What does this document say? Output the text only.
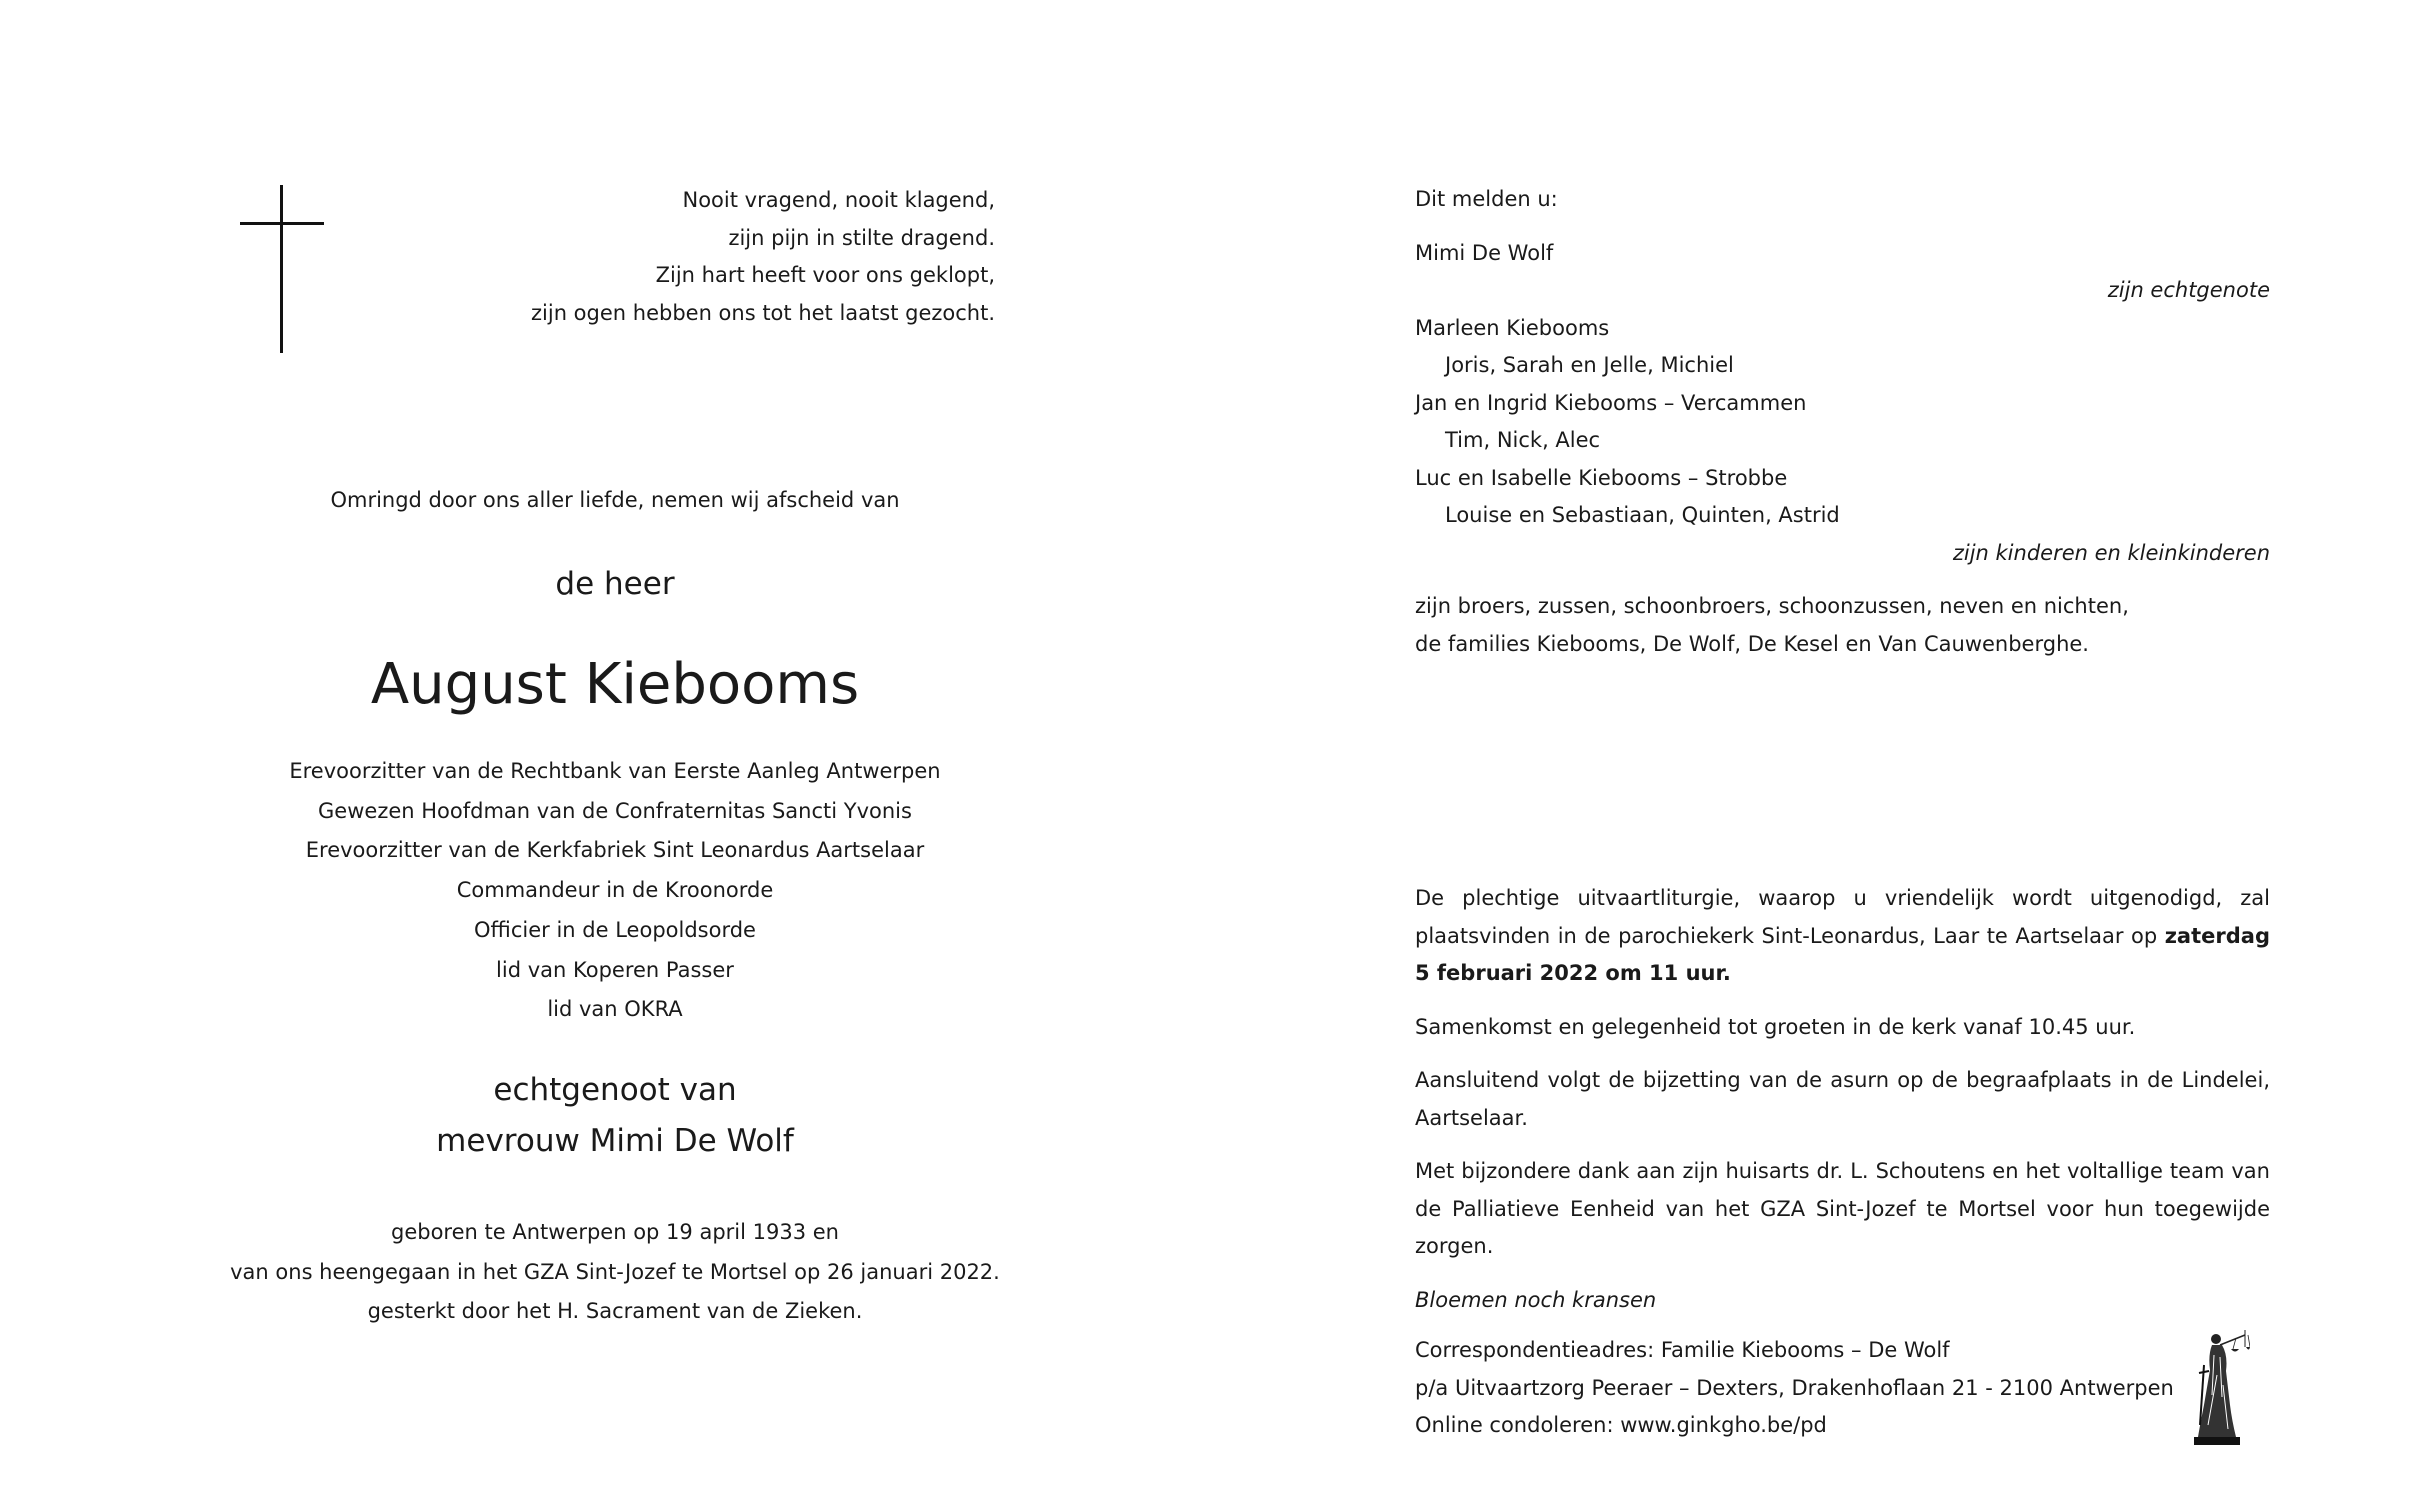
Nooit vragend, nooit klagend,
zijn pijn in stilte dragend.
Zijn hart heeft voor ons geklopt,
zijn ogen hebben ons tot het laatst gezocht.
Omringd door ons aller liefde, nemen wij afscheid van
de heer
August Kiebooms
Erevoorzitter van de Rechtbank van Eerste Aanleg Antwerpen
Gewezen Hoofdman van de Confraternitas Sancti Yvonis
Erevoorzitter van de Kerkfabriek Sint Leonardus Aartselaar
Commandeur in de Kroonorde
Officier in de Leopoldsorde
lid van Koperen Passer
lid van OKRA
echtgenoot van
mevrouw Mimi De Wolf
geboren te Antwerpen op 19 april 1933 en
van ons heengegaan in het GZA Sint-Jozef te Mortsel op 26 januari 2022.
gesterkt door het H. Sacrament van de Zieken.
Dit melden u:
Mimi De Wolf
zijn echtgenote
Marleen Kiebooms
Joris, Sarah en Jelle, Michiel
Jan en Ingrid Kiebooms – Vercammen
Tim, Nick, Alec
Luc en Isabelle Kiebooms – Strobbe
Louise en Sebastiaan, Quinten, Astrid
zijn kinderen en kleinkinderen
zijn broers, zussen, schoonbroers, schoonzussen, neven en nichten,
de families Kiebooms, De Wolf, De Kesel en Van Cauwenberghe.
De plechtige uitvaartliturgie, waarop u vriendelijk wordt uitgenodigd, zal plaatsvinden in de parochiekerk Sint-Leonardus, Laar te Aartselaar op zaterdag 5 februari 2022 om 11 uur.
Samenkomst en gelegenheid tot groeten in de kerk vanaf 10.45 uur.
Aansluitend volgt de bijzetting van de asurn op de begraafplaats in de Lindelei, Aartselaar.
Met bijzondere dank aan zijn huisarts dr. L. Schoutens en het voltallige team van de Palliatieve Eenheid van het GZA Sint-Jozef te Mortsel voor hun toegewijde zorgen.
Bloemen noch kransen
Correspondentieadres: Familie Kiebooms – De Wolf
p/a Uitvaartzorg Peeraer – Dexters, Drakenhoflaan 21 - 2100 Antwerpen
Online condoleren: www.ginkgho.be/pd
